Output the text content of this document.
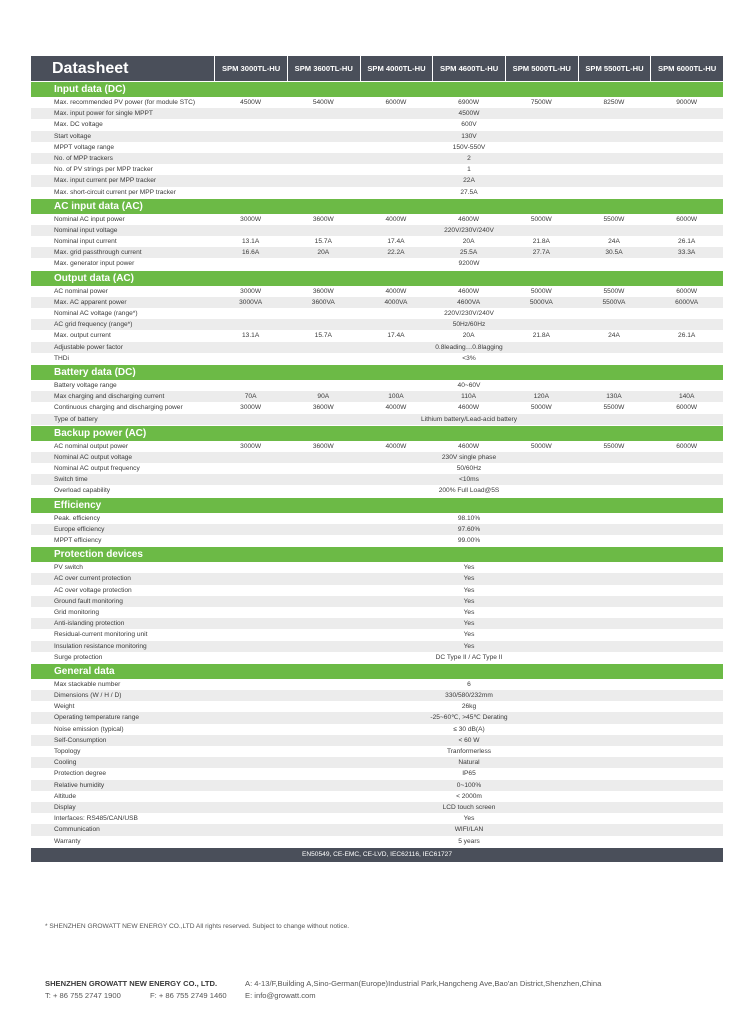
Datasheet	SPM 3000TL-HU	SPM 3600TL-HU	SPM 4000TL-HU	SPM 4600TL-HU	SPM 5000TL-HU	SPM 5500TL-HU	SPM 6000TL-HU
Input data (DC)
Max. recommended PV power (for module STC)	4500W	5400W	6000W	6900W	7500W	8250W	9000W
Max. input power for single MPPT	4500W
Max. DC voltage	600V
Start voltage	130V
MPPT voltage range	150V-550V
No. of MPP trackers	2
No. of PV strings per MPP tracker	1
Max. input current per MPP tracker	22A
Max. short-circuit current per MPP tracker	27.5A
AC input data (AC)
Nominal AC input power	3000W	3600W	4000W	4600W	5000W	5500W	6000W
Nominal input voltage	220V/230V/240V
Nominal input current	13.1A	15.7A	17.4A	20A	21.8A	24A	26.1A
Max. grid passthrough current	16.6A	20A	22.2A	25.5A	27.7A	30.5A	33.3A
Max. generator input power	9200W
Output data (AC)
AC nominal power	3000W	3600W	4000W	4600W	5000W	5500W	6000W
Max. AC apparent power	3000VA	3600VA	4000VA	4600VA	5000VA	5500VA	6000VA
Nominal AC voltage (range*)	220V/230V/240V
AC grid frequency (range*)	50Hz/60Hz
Max. output current	13.1A	15.7A	17.4A	20A	21.8A	24A	26.1A
Adjustable power factor	0.8leading…0.8lagging
THDi	<3%
Battery data (DC)
Battery voltage range	40~60V
Max charging and discharging current	70A	90A	100A	110A	120A	130A	140A
Continuous charging and discharging power	3000W	3600W	4000W	4600W	5000W	5500W	6000W
Type of battery	Lithium battery/Lead-acid battery
Backup power (AC)
AC nominal output power	3000W	3600W	4000W	4600W	5000W	5500W	6000W
Nominal AC output voltage	230V single phase
Nominal AC output frequency	50/60Hz
Switch time	<10ms
Overload capability	200% Full Load@5S
Efficiency
Peak. efficiency	98.10%
Europe efficiency	97.60%
MPPT efficiency	99.00%
Protection devices
PV switch	Yes
AC over current protection	Yes
AC over voltage protection	Yes
Ground fault monitoring	Yes
Grid monitoring	Yes
Anti-islanding protection	Yes
Residual-current monitoring unit	Yes
Insulation resistance monitoring	Yes
Surge protection	DC Type II / AC Type II
General data
Max stackable number	6
Dimensions (W / H / D)	330/580/232mm
Weight	26kg
Operating temperature range	-25~60℃, >45℃ Derating
Noise emission (typical)	≤ 30 dB(A)
Self-Consumption	< 60 W
Topology	Tranformerless
Cooling	Natural
Protection degree	IP65
Relative humidity	0~100%
Altitude	< 2000m
Display	LCD touch screen
Interfaces: RS485/CAN/USB	Yes
Communication	WIFI/LAN
Warranty	5 years
EN50549, CE-EMC, CE-LVD, IEC62116, IEC61727
* SHENZHEN GROWATT NEW ENERGY CO.,LTD All rights reserved. Subject to change without notice.
SHENZHEN GROWATT NEW ENERGY CO., LTD.	A: 4-13/F,Building A,Sino-German(Europe)Industrial Park,Hangcheng Ave,Bao'an District,Shenzhen,China
T: + 86 755 2747 1900	F: + 86 755 2749 1460	E: info@growatt.com
